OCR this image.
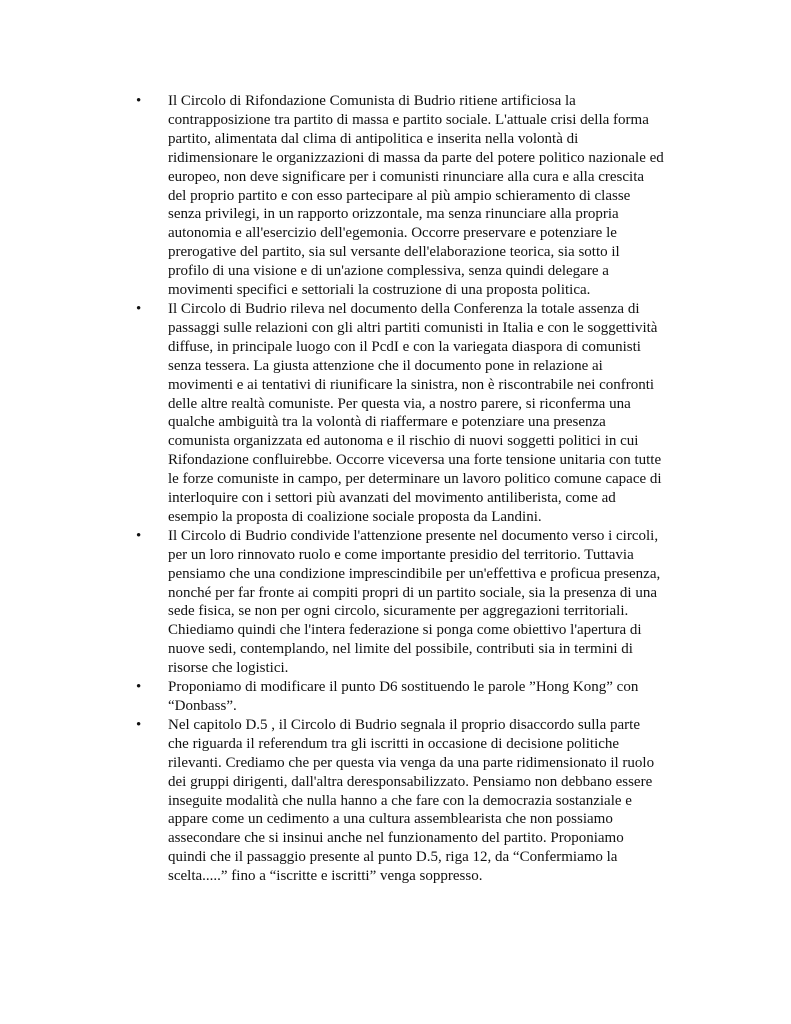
• Il Circolo di Rifondazione Comunista di Budrio ritiene artificiosa la
contrapposizione tra partito di massa e partito sociale. L'attuale crisi della forma
partito, alimentata dal clima di antipolitica e inserita nella volontà di
ridimensionare le organizzazioni di massa da parte del potere politico nazionale ed
europeo, non deve significare per i comunisti rinunciare alla cura e alla crescita
del proprio partito e con esso partecipare al più ampio schieramento di classe
senza privilegi, in un rapporto orizzontale, ma senza rinunciare alla propria
autonomia e all'esercizio dell'egemonia. Occorre preservare e potenziare le
prerogative del partito, sia sul versante dell'elaborazione teorica, sia sotto il
profilo di una visione e di un'azione complessiva, senza quindi delegare a
movimenti specifici e settoriali la costruzione di una proposta politica.
• Il Circolo di Budrio rileva nel documento della Conferenza la totale assenza di
passaggi sulle relazioni con gli altri partiti comunisti in Italia e con le soggettività
diffuse, in principale luogo con il PcdI e con la variegata diaspora di comunisti
senza tessera. La giusta attenzione che il documento pone in relazione ai
movimenti e ai tentativi di riunificare la sinistra, non è riscontrabile nei confronti
delle altre realtà comuniste. Per questa via, a nostro parere, si riconferma una
qualche ambiguità tra la volontà di riaffermare e potenziare una presenza
comunista organizzata ed autonoma e il rischio di nuovi soggetti politici in cui
Rifondazione confluirebbe. Occorre viceversa una forte tensione unitaria con tutte
le forze comuniste in campo, per determinare un lavoro politico comune capace di
interloquire con i settori più avanzati del movimento antiliberista, come ad
esempio la proposta di coalizione sociale proposta da Landini.
• Il Circolo di Budrio condivide l'attenzione presente nel documento verso i circoli,
per un loro rinnovato ruolo e come importante presidio del territorio. Tuttavia
pensiamo che una condizione imprescindibile per un'effettiva e proficua presenza,
nonché per far fronte ai compiti propri di un partito sociale, sia la presenza di una
sede fisica, se non per ogni circolo, sicuramente per aggregazioni territoriali.
Chiediamo quindi che l'intera federazione si ponga come obiettivo l'apertura di
nuove sedi, contemplando, nel limite del possibile, contributi sia in termini di
risorse che logistici.
• Proponiamo di modificare il punto D6 sostituendo le parole ”Hong Kong” con
“Donbass”.
• Nel capitolo D.5 , il Circolo di Budrio segnala il proprio disaccordo sulla parte
che riguarda il referendum tra gli iscritti in occasione di decisione politiche
rilevanti. Crediamo che per questa via venga da una parte ridimensionato il ruolo
dei gruppi dirigenti, dall'altra deresponsabilizzato. Pensiamo non debbano essere
inseguite modalità che nulla hanno a che fare con la democrazia sostanziale e
appare come un cedimento a una cultura assemblearista che non possiamo
assecondare che si insinui anche nel funzionamento del partito. Proponiamo
quindi che il passaggio presente al punto D.5, riga 12, da “Confermiamo la
scelta.....” fino a “iscritte e iscritti” venga soppresso.
